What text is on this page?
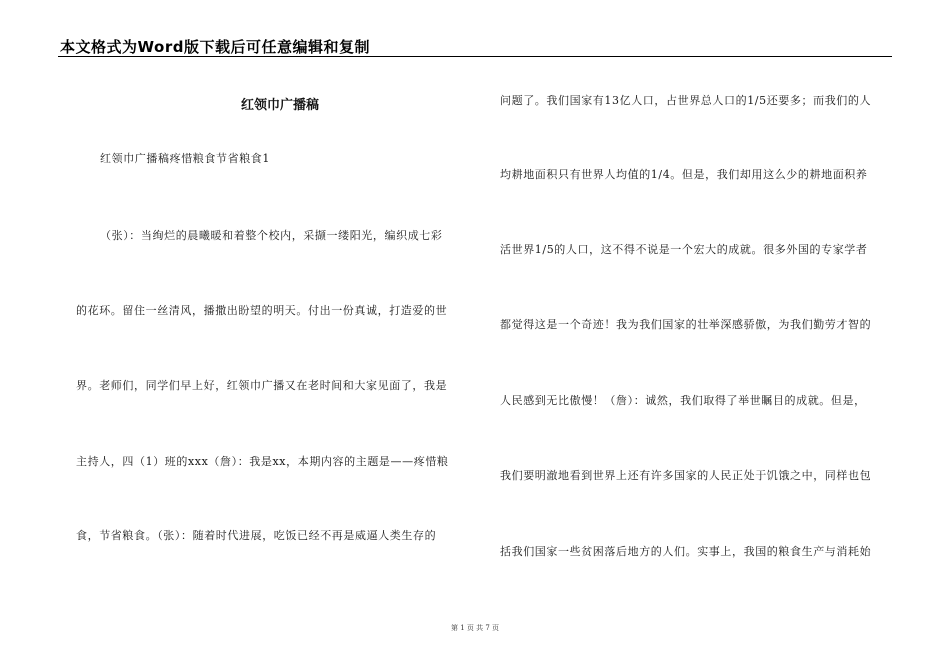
本文格式为Word版下载后可任意编辑和复制
红领巾广播稿
红领巾广播稿疼惜粮食节省粮食1
（张）：当绚烂的晨曦暖和着整个校内，采撷一缕阳光，编织成七彩
的花环。留住一丝清风，播撒出盼望的明天。付出一份真诚，打造爱的世
界。老师们，同学们早上好，红领巾广播又在老时间和大家见面了，我是
主持人，四（1）班的xxx（詹）：我是xx，本期内容的主题是——疼惜粮
食，节省粮食。（张）：随着时代进展，吃饭已经不再是威逼人类生存的
问题了。我们国家有13亿人口，占世界总人口的1/5还要多；而我们的人
均耕地面积只有世界人均值的1/4。但是，我们却用这么少的耕地面积养
活世界1/5的人口，这不得不说是一个宏大的成就。很多外国的专家学者
都觉得这是一个奇迹！我为我们国家的壮举深感骄傲，为我们勤劳才智的
人民感到无比傲慢！（詹）：诚然，我们取得了举世瞩目的成就。但是，
我们要明澈地看到世界上还有许多国家的人民正处于饥饿之中，同样也包
括我们国家一些贫困落后地方的人们。实事上，我国的粮食生产与消耗始
第 1 页 共 7 页
